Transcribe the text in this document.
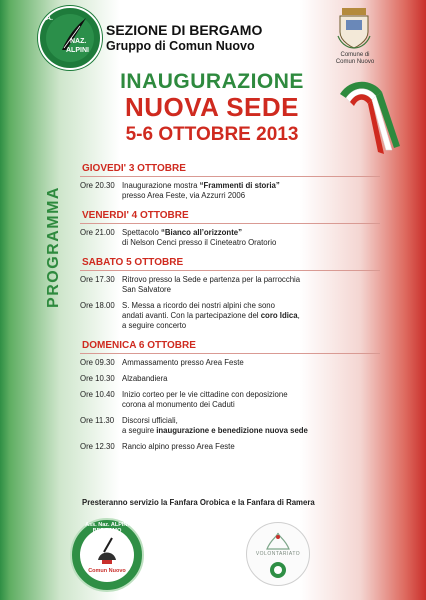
A.
NAZ.
ALPINI
SEZIONE DI BERGAMO
Gruppo di Comun Nuovo
Comune di
Comun Nuovo
INAUGURAZIONE
NUOVA SEDE
5-6 OTTOBRE 2013
PROGRAMMA
GIOVEDI' 3 OTTOBRE
Ore 20.30 Inaugurazione mostra “Frammenti di storia”
presso Area Feste, via Azzurri 2006
VENERDI' 4 OTTOBRE
Ore 21.00 Spettacolo “Bianco all’orizzonte”
di Nelson Cenci presso il Cineteatro Oratorio
SABATO 5 OTTOBRE
Ore 17.30 Ritrovo presso la Sede e partenza per la parrocchia
San Salvatore
Ore 18.00 S. Messa a ricordo dei nostri alpini che sono
andati avanti. Con la partecipazione del coro Idica,
a seguire concerto
DOMENICA 6 OTTOBRE
Ore 09.30 Ammassamento presso Area Feste
Ore 10.30 Alzabandiera
Ore 10.40 Inizio corteo per le vie cittadine con deposizione
corona al monumento dei Caduti
Ore 11.30	Discorsi ufficiali,
a seguire inaugurazione e benedizione nuova sede
Ore 12.30 Rancio alpino presso Area Feste
Presteranno servizio la Fanfara Orobica e la Fanfara di Ramera
Ass. Naz. ALPINI BERGAMO
Comun Nuovo
VOLONTARIATO
